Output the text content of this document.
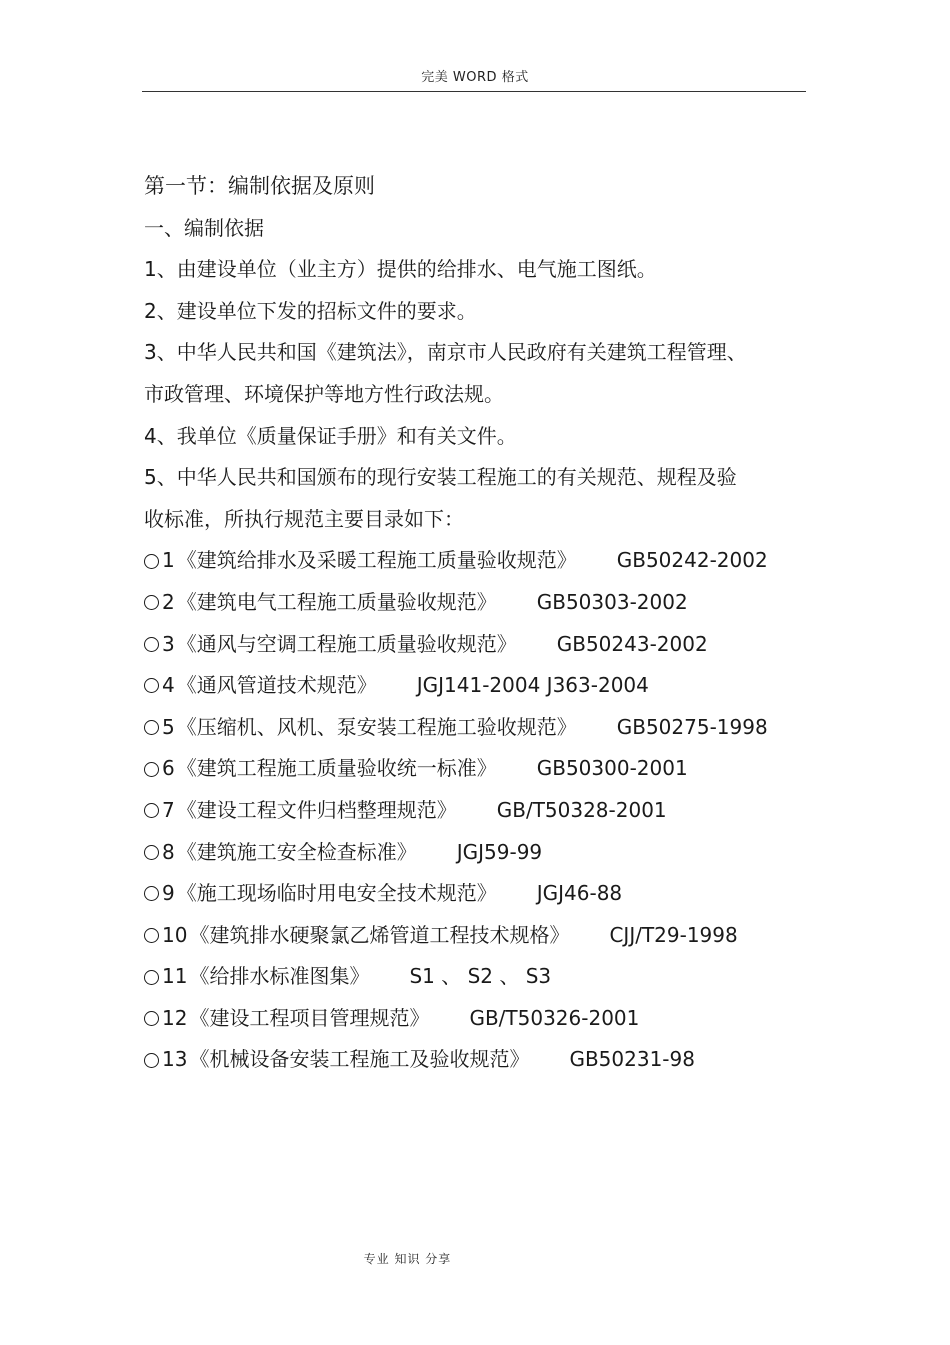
完美 WORD 格式
第一节：编制依据及原则
一、编制依据
1、由建设单位（业主方）提供的给排水、电气施工图纸。
2、建设单位下发的招标文件的要求。
3、中华人民共和国《建筑法》，南京市人民政府有关建筑工程管理、
市政管理、环境保护等地方性行政法规。
4、我单位《质量保证手册》和有关文件。
5、中华人民共和国颁布的现行安装工程施工的有关规范、规程及验
收标准，所执行规范主要目录如下：
1 《建筑给排水及采暖工程施工质量验收规范》 GB50242-2002
2 《建筑电气工程施工质量验收规范》 GB50303-2002
3 《通风与空调工程施工质量验收规范》 GB50243-2002
4 《通风管道技术规范》 JGJ141-2004 J363-2004
5 《压缩机、风机、泵安装工程施工验收规范》 GB50275-1998
6 《建筑工程施工质量验收统一标准》 GB50300-2001
7 《建设工程文件归档整理规范》 GB/T50328-2001
8 《建筑施工安全检查标准》 JGJ59-99
9 《施工现场临时用电安全技术规范》 JGJ46-88
10 《建筑排水硬聚氯乙烯管道工程技术规格》 CJJ/T29-1998
11 《给排水标准图集》 S1 、 S2 、 S3
12 《建设工程项目管理规范》 GB/T50326-2001
13 《机械设备安装工程施工及验收规范》 GB50231-98
专业 知识 分享
